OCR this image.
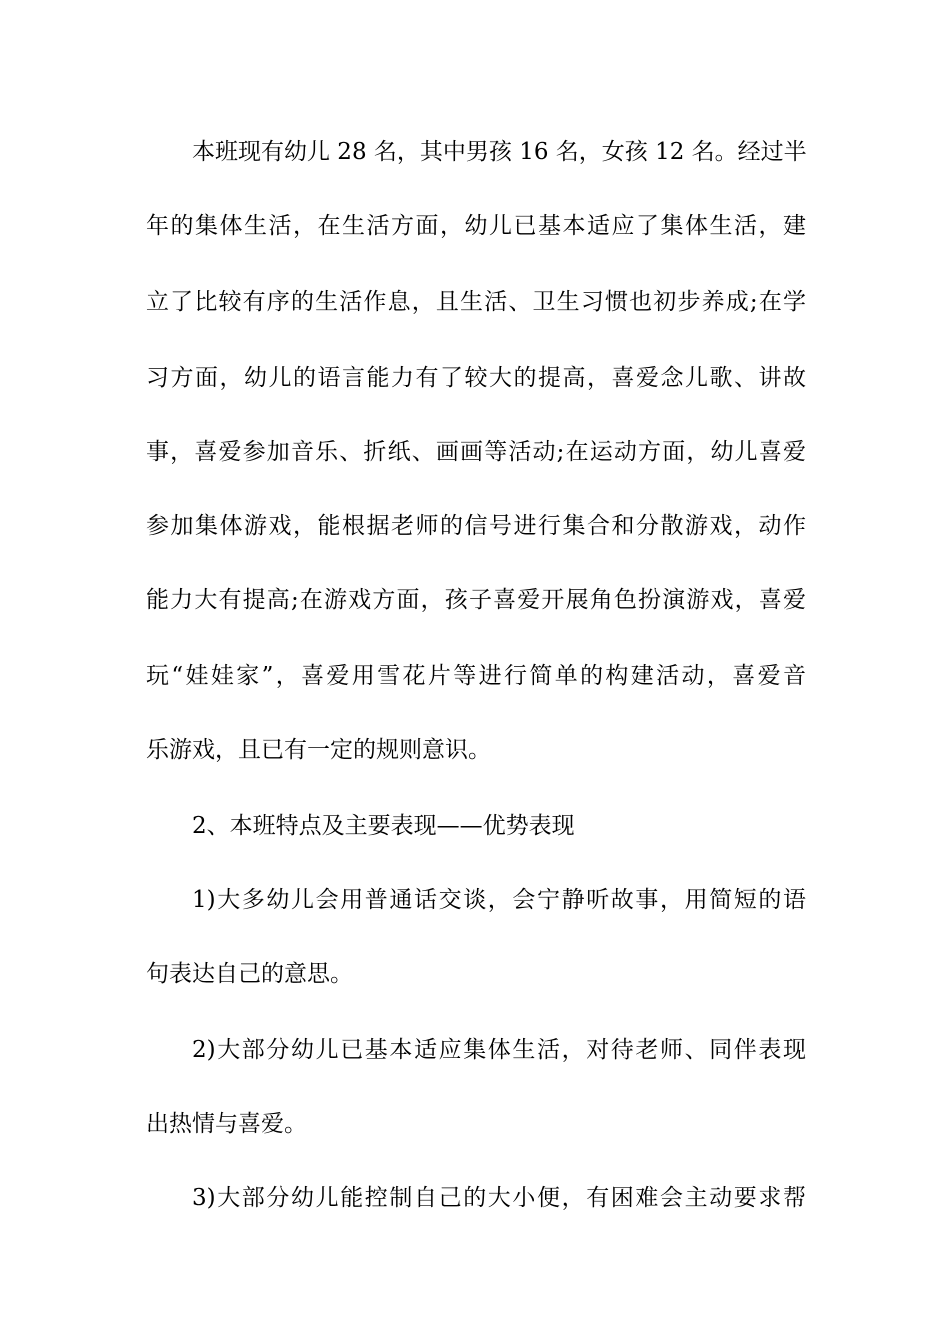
本班现有幼儿 28 名，其中男孩 16 名，女孩 12 名。经过半
年的集体生活，在生活方面，幼儿已基本适应了集体生活，建
立了比较有序的生活作息，且生活、卫生习惯也初步养成;在学
习方面，幼儿的语言能力有了较大的提高，喜爱念儿歌、讲故
事，喜爱参加音乐、折纸、画画等活动;在运动方面，幼儿喜爱
参加集体游戏，能根据老师的信号进行集合和分散游戏，动作
能力大有提高;在游戏方面，孩子喜爱开展角色扮演游戏，喜爱
玩“娃娃家”，喜爱用雪花片等进行简单的构建活动，喜爱音
乐游戏，且已有一定的规则意识。
2、本班特点及主要表现——优势表现
1)大多幼儿会用普通话交谈，会宁静听故事，用简短的语
句表达自己的意思。
2)大部分幼儿已基本适应集体生活，对待老师、同伴表现
出热情与喜爱。
3)大部分幼儿能控制自己的大小便，有困难会主动要求帮
